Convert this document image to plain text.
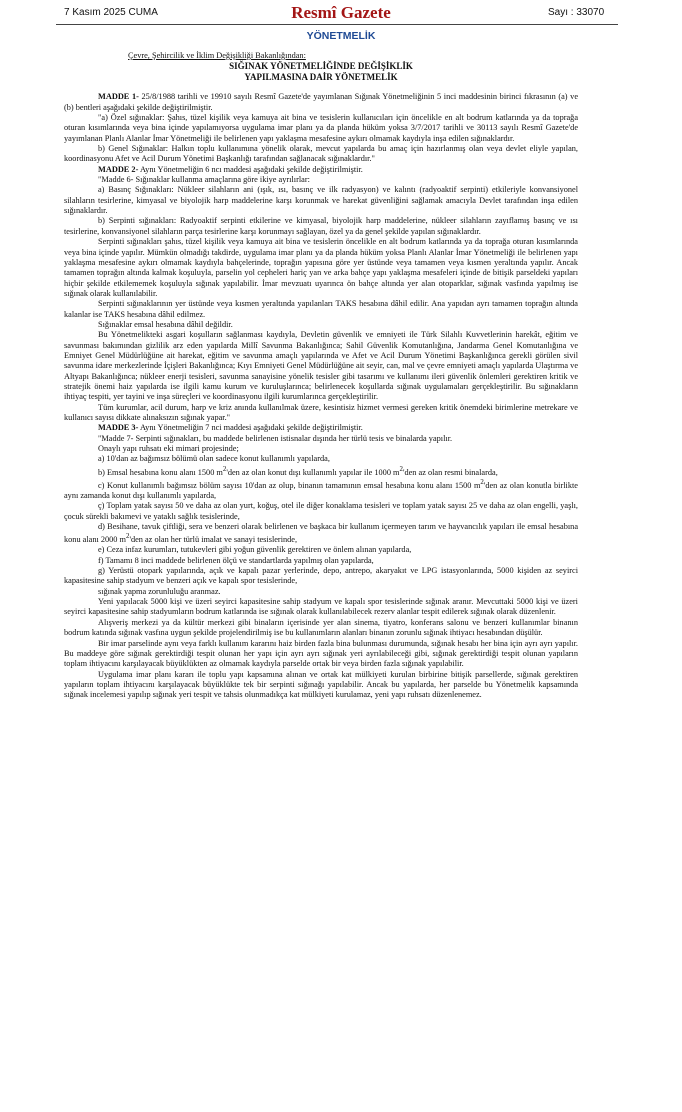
7 Kasım 2025 CUMA	Resmî Gazete	Sayı : 33070
YÖNETMELİK

Çevre, Şehircilik ve İklim Değişikliği Bakanlığından:

SIĞINAK YÖNETMELİĞİNDE DEĞİŞİKLİK

YAPILMASINA DAİR YÖNETMELİK

MADDE 1- 25/8/1988 tarihli ve 19910 sayılı Resmî Gazete'de yayımlanan Sığınak Yönetmeliğinin 5 inci maddesinin birinci fıkrasının (a) ve (b) bentleri aşağıdaki şekilde değiştirilmiştir.

"a) Özel sığınaklar: Şahıs, tüzel kişilik veya kamuya ait bina ve tesislerin kullanıcıları için öncelikle en alt bodrum katlarında ya da toprağa oturan kısımlarında veya bina içinde yapılamıyorsa uygulama imar planı ya da planda hüküm yoksa 3/7/2017 tarihli ve 30113 sayılı Resmî Gazete'de yayımlanan Planlı Alanlar İmar Yönetmeliği ile belirlenen yapı yaklaşma mesafesine aykırı olmamak kaydıyla inşa edilen sığınaklardır.

b) Genel Sığınaklar: Halkın toplu kullanımına yönelik olarak, mevcut yapılarda bu amaç için hazırlanmış olan veya devlet eliyle yapılan, koordinasyonu Afet ve Acil Durum Yönetimi Başkanlığı tarafından sağlanacak sığınaklardır."

MADDE 2- Aynı Yönetmeliğin 6 ncı maddesi aşağıdaki şekilde değiştirilmiştir.

"Madde 6- Sığınaklar kullanma amaçlarına göre ikiye ayrılırlar:

a) Basınç Sığınakları: Nükleer silahların ani (ışık, ısı, basınç ve ilk radyasyon) ve kalıntı (radyoaktif serpinti) etkileriyle konvansiyonel silahların tesirlerine, kimyasal ve biyolojik harp maddelerine karşı korunmak ve harekat güvenliğini sağlamak amacıyla Devlet tarafından inşa edilen sığınaklardır.

b) Serpinti sığınakları: Radyoaktif serpinti etkilerine ve kimyasal, biyolojik harp maddelerine, nükleer silahların zayıflamış basınç ve ısı tesirlerine, konvansiyonel silahların parça tesirlerine karşı korunmayı sağlayan, özel ya da genel şekilde yapılan sığınaklardır.

Serpinti sığınakları şahıs, tüzel kişilik veya kamuya ait bina ve tesislerin öncelikle en alt bodrum katlarında ya da toprağa oturan kısımlarında veya bina içinde yapılır. Mümkün olmadığı takdirde, uygulama imar planı ya da planda hüküm yoksa Planlı Alanlar İmar Yönetmeliği ile belirlenen yapı yaklaşma mesafesine aykırı olmamak kaydıyla bahçelerinde, toprağın yapısına göre yer üstünde veya tamamen veya kısmen yeraltında yapılır. Ancak tamamen toprağın altında kalmak koşuluyla, parselin yol cepheleri hariç yan ve arka bahçe yapı yaklaşma mesafeleri içinde de bitişik parseldeki yapıları hiçbir şekilde etkilememek koşuluyla sığınak yapılabilir. İmar mevzuatı uyarınca ön bahçe altında yer alan otoparklar, sığınak vasfında yapılmış ise sığınak olarak kullanılabilir.

Serpinti sığınaklarının yer üstünde veya kısmen yeraltında yapılanları TAKS hesabına dâhil edilir. Ana yapıdan ayrı tamamen toprağın altında kalanlar ise TAKS hesabına dâhil edilmez.

Sığınaklar emsal hesabına dâhil değildir.

Bu Yönetmelikteki asgari koşulların sağlanması kaydıyla, Devletin güvenlik ve emniyeti ile Türk Silahlı Kuvvetlerinin harekât, eğitim ve savunması bakımından gizlilik arz eden yapılarda Millî Savunma Bakanlığınca; Sahil Güvenlik Komutanlığına, Jandarma Genel Komutanlığına ve Emniyet Genel Müdürlüğüne ait harekat, eğitim ve savunma amaçlı yapılarında ve Afet ve Acil Durum Yönetimi Başkanlığınca gerekli görülen sivil savunma idare merkezlerinde İçişleri Bakanlığınca; Kıyı Emniyeti Genel Müdürlüğüne ait seyir, can, mal ve çevre emniyeti amaçlı yapılarda Ulaştırma ve Altyapı Bakanlığınca; nükleer enerji tesisleri, savunma sanayisine yönelik tesisler gibi tasarımı ve kullanımı ileri güvenlik önlemleri gerektiren kritik ve stratejik önemi haiz yapılarda ise ilgili kamu kurum ve kuruluşlarınca; belirlenecek koşullarda sığınak uygulamaları gerçekleştirilir. Bu sığınakların ihtiyaç tespiti, yer tayini ve inşa süreçleri ve koordinasyonu ilgili kurumlarınca gerçekleştirilir.

Tüm kurumlar, acil durum, harp ve kriz anında kullanılmak üzere, kesintisiz hizmet vermesi gereken kritik önemdeki birimlerine metrekare ve kullanıcı sayısı dikkate alınaksızın sığınak yapar."

MADDE 3- Aynı Yönetmeliğin 7 nci maddesi aşağıdaki şekilde değiştirilmiştir.

"Madde 7- Serpinti sığınakları, bu maddede belirlenen istisnalar dışında her türlü tesis ve binalarda yapılır.

Onaylı yapı ruhsatı eki mimari projesinde;

a) 10'dan az bağımsız bölümü olan sadece konut kullanımlı yapılarda,

b) Emsal hesabına konu alanı 1500 $m^2'den$ az olan konut dışı kullanımlı yapılar ile 1000 $m^2'den$ az olan resmi binalarda,

c) Konut kullanımlı bağımsız bölüm sayısı 10'dan az olup, binanın tamamının emsal hesabına konu alanı 1500 $m^2'den$ az olan konutla birlikte aynı zamanda konut dışı kullanımlı yapılarda,

ç) Toplam yatak sayısı 50 ve daha az olan yurt, koğuş, otel ile diğer konaklama tesisleri ve toplam yatak sayısı 25 ve daha az olan engelli, yaşlı, çocuk sürekli bakımevi ve yataklı sağlık tesislerinde,

d) Besihane, tavuk çiftliği, sera ve benzeri olarak belirlenen ve başkaca bir kullanım içermeyen tarım ve hayvancılık yapıları ile emsal hesabına konu alanı 2000 $m^2'den$ az olan her türlü imalat ve sanayi tesislerinde,

e) Ceza infaz kurumları, tutukevleri gibi yoğun güvenlik gerektiren ve önlem alınan yapılarda,

f) Tamamı 8 inci maddede belirlenen ölçü ve standartlarda yapılmış olan yapılarda,

g) Yerüstü otopark yapılarında, açık ve kapalı pazar yerlerinde, depo, antrepo, akaryakıt ve LPG istasyonlarında, 5000 kişiden az seyirci kapasitesine sahip stadyum ve benzeri açık ve kapalı spor tesislerinde,

sığınak yapma zorunluluğu aranmaz.

Yeni yapılacak 5000 kişi ve üzeri seyirci kapasitesine sahip stadyum ve kapalı spor tesislerinde sığınak aranır. Mevcuttaki 5000 kişi ve üzeri seyirci kapasitesine sahip stadyumların bodrum katlarında ise sığınak olarak kullanılabilecek rezerv alanlar tespit edilerek sığınak olarak düzenlenir.

Alışveriş merkezi ya da kültür merkezi gibi binaların içerisinde yer alan sinema, tiyatro, konferans salonu ve benzeri kullanımlar binanın bodrum katında sığınak vasfına uygun şekilde projelendirilmiş ise bu kullanımların alanları binanın zorunlu sığınak ihtiyacı hesabından düşülür.

Bir imar parselinde aynı veya farklı kullanım kararını haiz birden fazla bina bulunması durumunda, sığınak hesabı her bina için ayrı ayrı yapılır. Bu maddeye göre sığınak gerektirdiği tespit olunan her yapı için ayrı ayrı sığınak yeri ayrılabileceği gibi, sığınak gerektirdiği tespit olunan yapıların toplam ihtiyacını karşılayacak büyüklükten az olmamak kaydıyla parselde ortak bir veya birden fazla sığınak yapılabilir.

Uygulama imar planı kararı ile toplu yapı kapsamına alınan ve ortak kat mülkiyeti kurulan birbirine bitişik parsellerde, sığınak gerektiren yapıların toplam ihtiyacını karşılayacak büyüklükte tek bir serpinti sığınağı yapılabilir. Ancak bu yapılarda, her parselde bu Yönetmelik kapsamında sığınak incelemesi yapılıp sığınak yeri tespit ve tahsis olunmadıkça kat mülkiyeti kurulamaz, yeni yapı ruhsatı düzenlenemez.
